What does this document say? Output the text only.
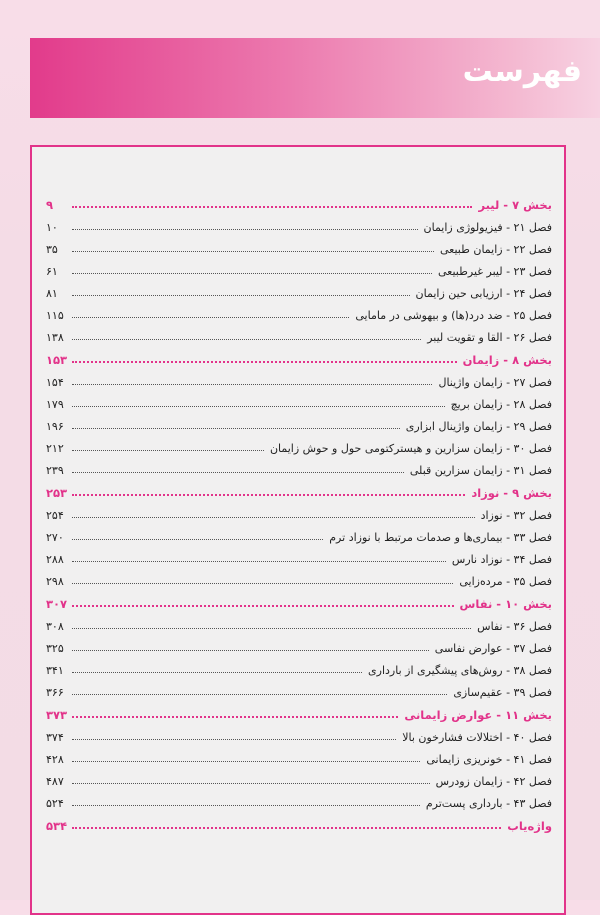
فهرست
بخش ۷ - لیبر
۹
فصل ۲۱ - فیزیولوژی زایمان
۱۰
فصل ۲۲ - زایمان طبیعی
۳۵
فصل ۲۳ - لیبر غیرطبیعی
۶۱
فصل ۲۴ - ارزیابی حین زایمان
۸۱
فصل ۲۵ - ضد درد(ها) و بیهوشی در مامایی
۱۱۵
فصل ۲۶ - القا و تقویت لیبر
۱۳۸
بخش ۸ - زایمان
۱۵۳
فصل ۲۷ - زایمان واژینال
۱۵۴
فصل ۲۸ - زایمان بریچ
۱۷۹
فصل ۲۹ - زایمان واژینال ابزاری
۱۹۶
فصل ۳۰ - زایمان سزارین و هیسترکتومی حول و حوش زایمان
۲۱۲
فصل ۳۱ - زایمان سزارین قبلی
۲۳۹
بخش ۹ - نوزاد
۲۵۳
فصل ۳۲ - نوزاد
۲۵۴
فصل ۳۳ - بیماری‌ها و صدمات مرتبط با نوزاد ترم
۲۷۰
فصل ۳۴ - نوزاد نارس
۲۸۸
فصل ۳۵ - مرده‌زایی
۲۹۸
بخش ۱۰ - نفاس
۳۰۷
فصل ۳۶ - نفاس
۳۰۸
فصل ۳۷ - عوارض نفاسی
۳۲۵
فصل ۳۸ - روش‌های پیشگیری از بارداری
۳۴۱
فصل ۳۹ - عقیم‌سازی
۳۶۶
بخش ۱۱ - عوارض زایمانی
۳۷۳
فصل ۴۰ - اختلالات فشارخون بالا
۳۷۴
فصل ۴۱ - خونریزی زایمانی
۴۲۸
فصل ۴۲ - زایمان زودرس
۴۸۷
فصل ۴۳ - بارداری پست‌ترم
۵۲۴
واژه‌یاب
۵۳۴
